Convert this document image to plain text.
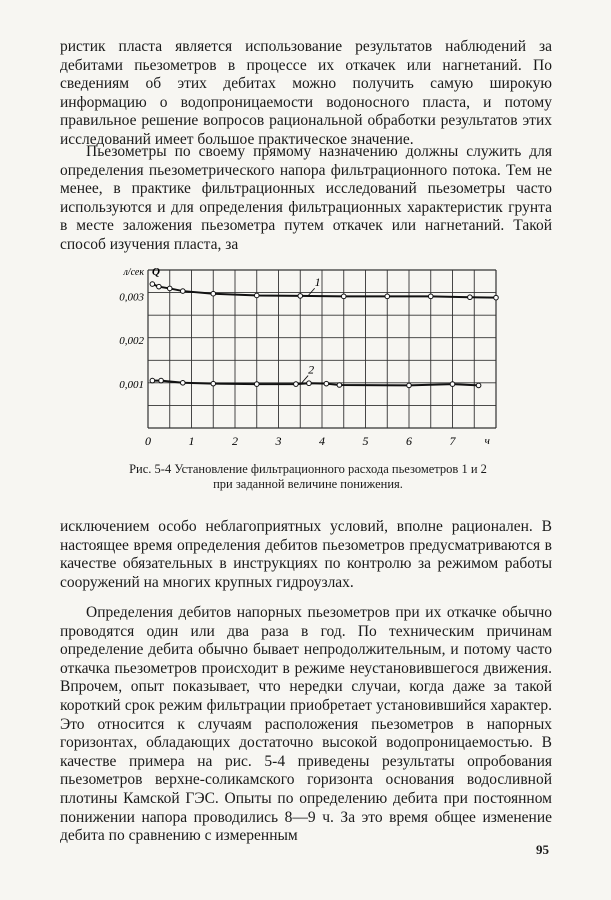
ристик пласта является использование результатов наблюдений за дебитами пьезометров в процессе их откачек или нагнетаний. По сведениям об этих дебитах можно получить самую широкую информацию о водопроницаемости водоносного пласта, и потому правильное решение вопросов рациональной обработки результатов этих исследований имеет большое практическое значение.

Пьезометры по своему прямому назначению должны служить для определения пьезометрического напора фильтрационного потока. Тем не менее, в практике фильтрационных исследований пьезометры часто используются и для определения фильтрационных характеристик грунта в месте заложения пьезометра путем откачек или нагнетаний. Такой способ изучения пласта, за

0	1	2	3	4	5	6	7	ч
0,001
0,002
0,003
л/сек Q
1
2

Рис. 5-4 Установление фильтрационного расхода пьезометров 1 и 2 при заданной величине понижения.

исключением особо неблагоприятных условий, вполне рационален. В настоящее время определения дебитов пьезометров предусматриваются в качестве обязательных в инструкциях по контролю за режимом работы сооружений на многих крупных гидроузлах.

Определения дебитов напорных пьезометров при их откачке обычно проводятся один или два раза в год. По техническим причинам определение дебита обычно бывает непродолжительным, и потому часто откачка пьезометров происходит в режиме неустановившегося движения. Впрочем, опыт показывает, что нередки случаи, когда даже за такой короткий срок режим фильтрации приобретает установившийся характер. Это относится к случаям расположения пьезометров в напорных горизонтах, обладающих достаточно высокой водопроницаемостью. В качестве примера на рис. 5-4 приведены результаты опробования пьезометров верхне-соликамского горизонта основания водосливной плотины Камской ГЭС. Опыты по определению дебита при постоянном понижении напора проводились 8—9 ч. За это время общее изменение дебита по сравнению с измеренным

95
